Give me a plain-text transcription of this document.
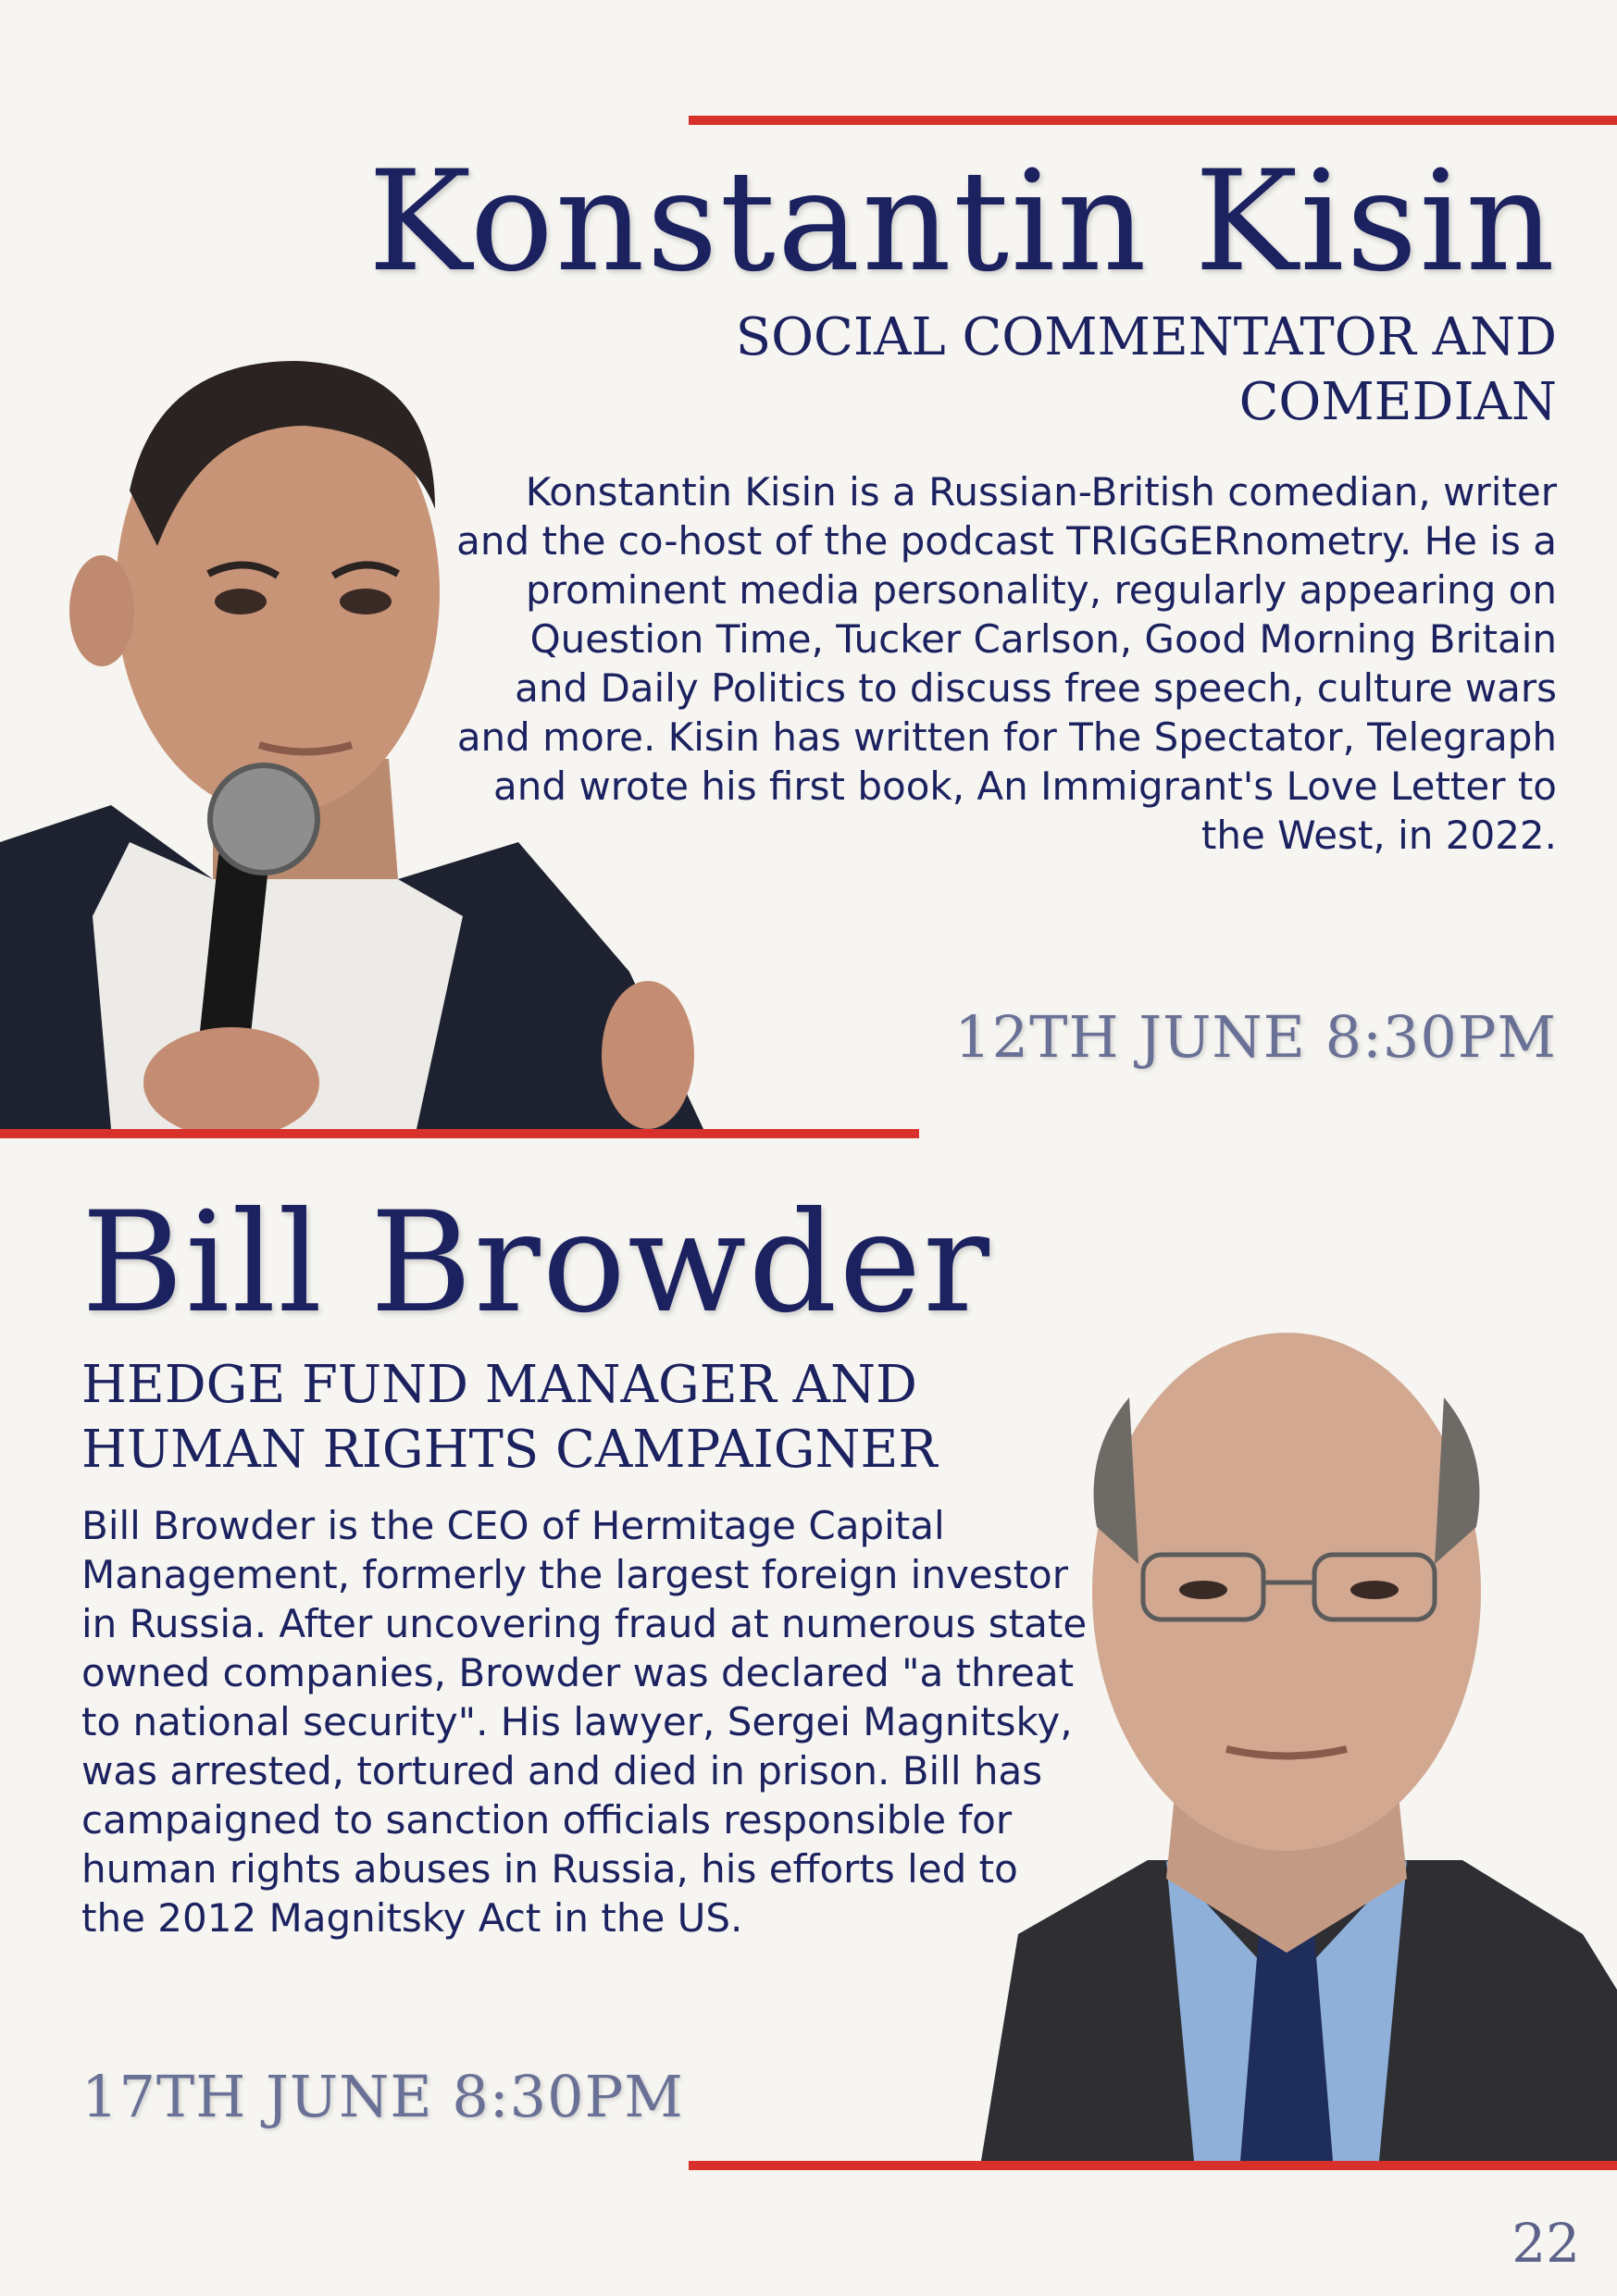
Konstantin Kisin
SOCIAL COMMENTATOR AND COMEDIAN
Konstantin Kisin is a Russian-British comedian, writer and the co-host of the podcast TRIGGERnometry. He is a prominent media personality, regularly appearing on Question Time, Tucker Carlson, Good Morning Britain and Daily Politics to discuss free speech, culture wars and more. Kisin has written for The Spectator, Telegraph and wrote his first book, An Immigrant's Love Letter to the West, in 2022.
12TH JUNE 8:30PM
Bill Browder
HEDGE FUND MANAGER AND HUMAN RIGHTS CAMPAIGNER
Bill Browder is the CEO of Hermitage Capital Management, formerly the largest foreign investor in Russia. After uncovering fraud at numerous state owned companies, Browder was declared "a threat to national security". His lawyer, Sergei Magnitsky, was arrested, tortured and died in prison. Bill has campaigned to sanction officials responsible for human rights abuses in Russia, his efforts led to the 2012 Magnitsky Act in the US.
17TH JUNE 8:30PM
22
